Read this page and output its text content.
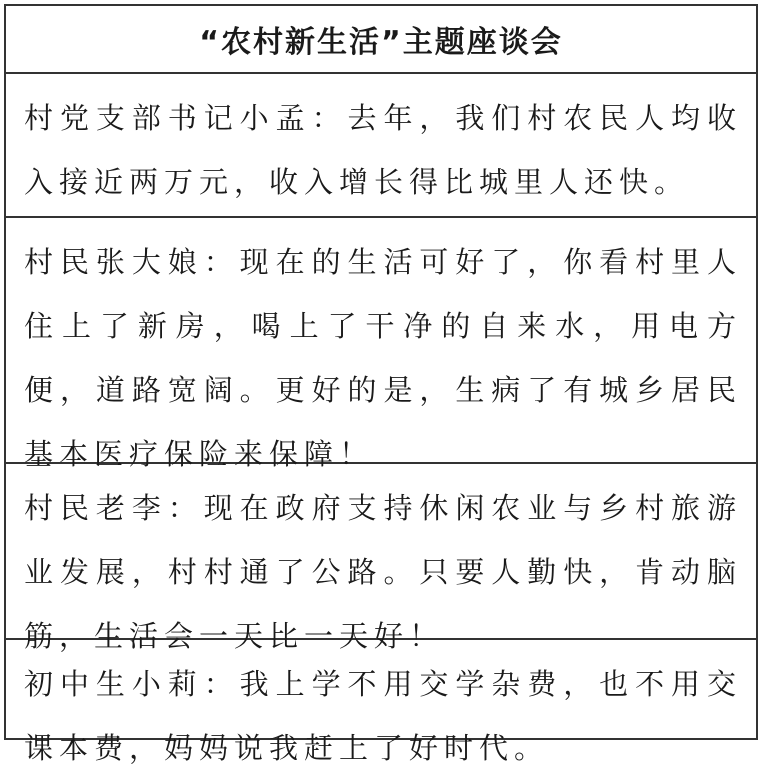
“农村新生活”主题座谈会
村党支部书记小孟：去年，我们村农民人均收入接近两万元，收入增长得比城里人还快。
村民张大娘：现在的生活可好了，你看村里人住上了新房，喝上了干净的自来水，用电方便，道路宽阔。更好的是，生病了有城乡居民基本医疗保险来保障！
村民老李：现在政府支持休闲农业与乡村旅游业发展，村村通了公路。只要人勤快，肯动脑筋，生活会一天比一天好！
初中生小莉：我上学不用交学杂费，也不用交课本费，妈妈说我赶上了好时代。
